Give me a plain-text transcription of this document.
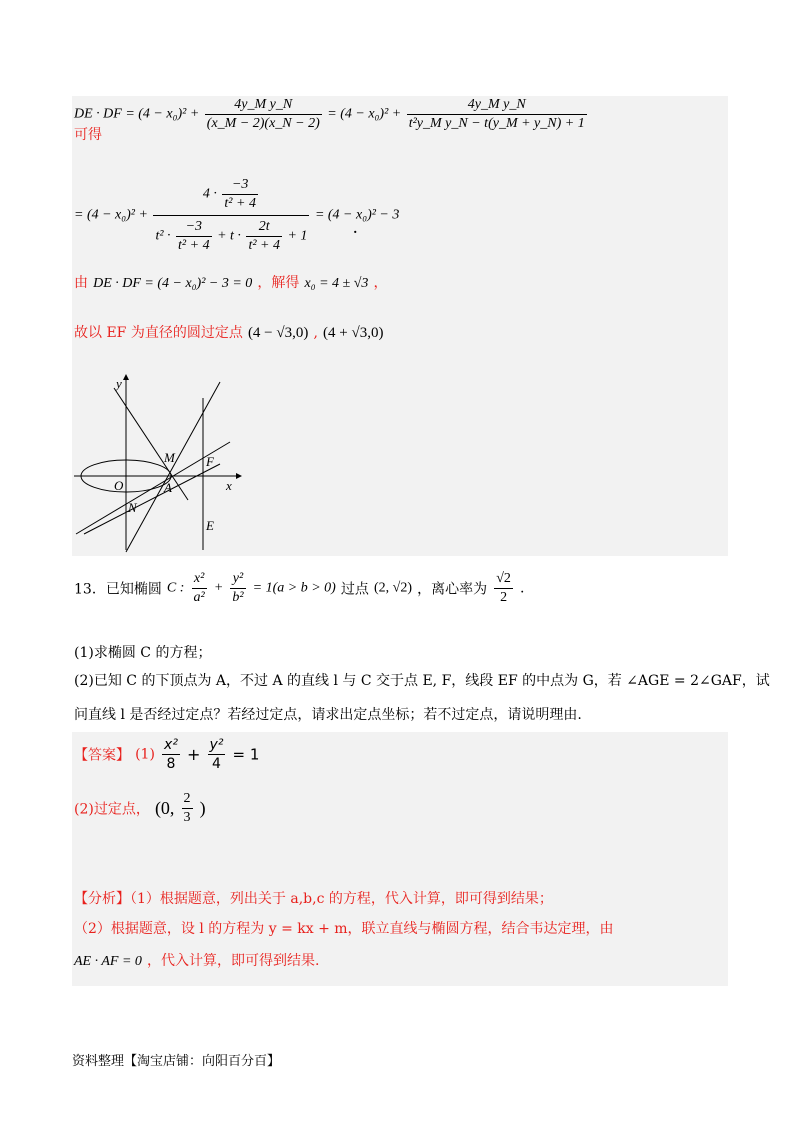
DE · DF = $(4 - x_0)^2 + \frac{\text{4y\_M y\_N}}{(x\_M - 2)(x\_N - 2)} = (4 - x_0)^2 + \frac{\text{4y\_M y\_N}}{\text{t²y\_M y\_N − t(y\_M + y\_N) + 1}}$
可得
= (4 − x₀)² +
$4 \cdot \frac{-3}{\text{t² + 4}}$
$t^2 \cdot \frac{-3}{\text{t² + 4}} + t \cdot \frac{2t}{\text{t² + 4}} + 1$
= (4 − x₀)² − 3
.
由 DE · DF = (4 − x₀)² − 3 = 0 ，解得 x₀ = 4 ± √3 ，
故以 EF 为直径的圆过定点 (4 − √3,0) , (4 + √3,0)
y
x
O	A
M
N
F
E
13．已知椭圆 C : $\frac{\text{x²}}{\text{a²}} + \frac{\text{y²}}{\text{b²}} = 1(a > b > 0)$ 过点 (2, √2) ，离心率为 $\frac{√2}{2}$ .
(1)求椭圆 C 的方程；
(2)已知 C 的下顶点为 A，不过 A 的直线 l 与 C 交于点 E, F，线段 EF 的中点为 G，若 ∠AGE = 2∠GAF，试
问直线 l 是否经过定点？若经过定点，请求出定点坐标；若不过定点，请说明理由.
【答案】 $(1) \frac{\text{x²}}{8} + \frac{\text{y²}}{4} = 1$
(2)过定点， (0, $\frac{2}{3}$ )
【分析】（1）根据题意，列出关于 a,b,c 的方程，代入计算，即可得到结果；
（2）根据题意，设 l 的方程为 y = kx + m，联立直线与椭圆方程，结合韦达定理，由
AE · AF = 0 ，代入计算，即可得到结果.
资料整理【淘宝店铺：向阳百分百】
